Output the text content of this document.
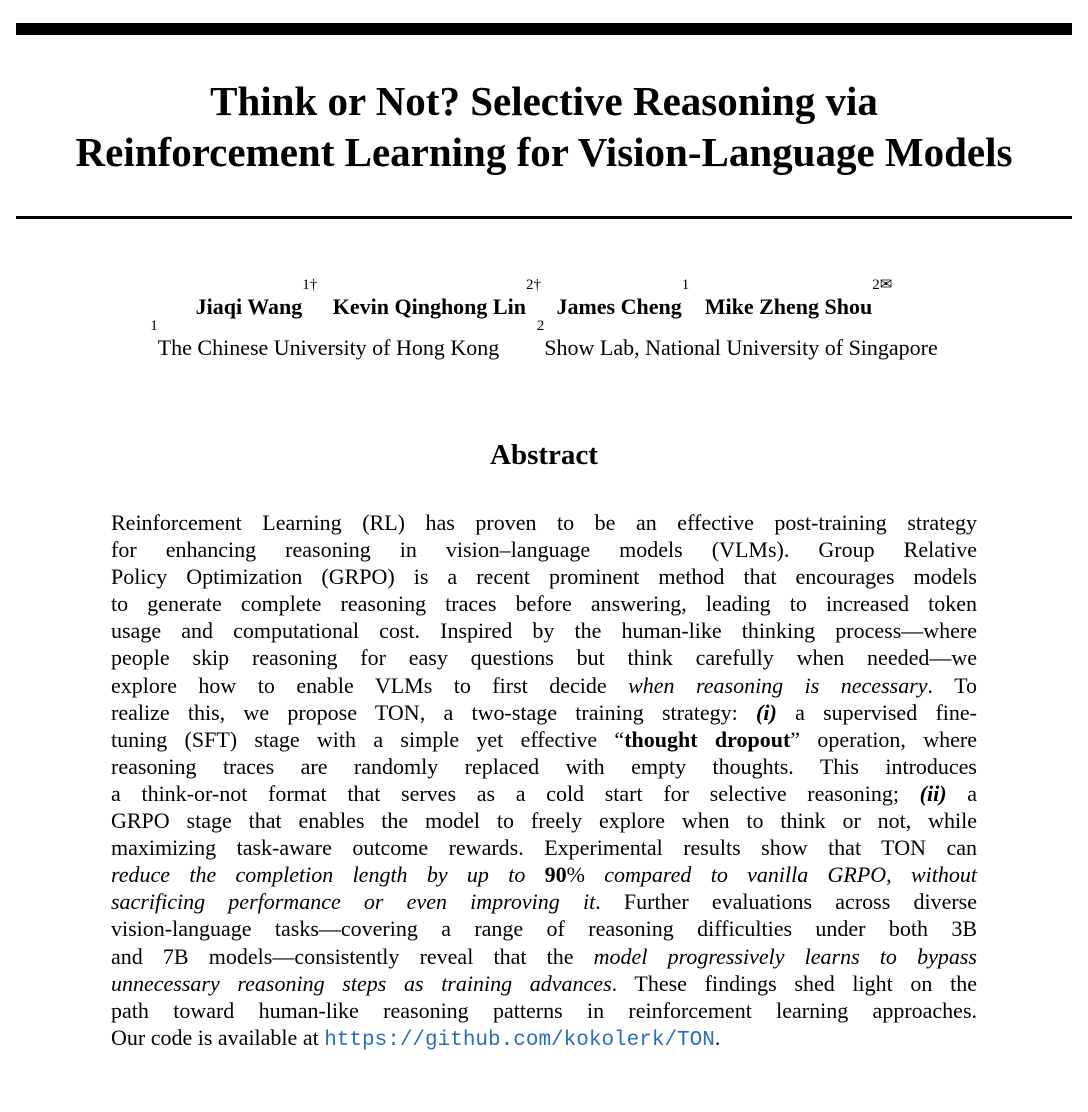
Think or Not? Selective Reasoning via
Reinforcement Learning for Vision-Language Models
Jiaqi Wang$^{1\dagger}$ Kevin Qinghong Lin$^{2\dagger}$ James Cheng$^1$ Mike Zheng Shou$^{2✉}$
$^1$The Chinese University of Hong Kong $^2$Show Lab, National University of Singapore
Abstract
Reinforcement Learning (RL) has proven to be an effective post-training strategy
for enhancing reasoning in vision–language models (VLMs). Group Relative
Policy Optimization (GRPO) is a recent prominent method that encourages models
to generate complete reasoning traces before answering, leading to increased token
usage and computational cost. Inspired by the human-like thinking process—where
people skip reasoning for easy questions but think carefully when needed—we
explore how to enable VLMs to first decide when reasoning is necessary. To
realize this, we propose TON, a two-stage training strategy: (i) a supervised fine-
tuning (SFT) stage with a simple yet effective “thought dropout” operation, where
reasoning traces are randomly replaced with empty thoughts. This introduces
a think-or-not format that serves as a cold start for selective reasoning; (ii) a
GRPO stage that enables the model to freely explore when to think or not, while
maximizing task-aware outcome rewards. Experimental results show that TON can
reduce the completion length by up to 90% compared to vanilla GRPO, without
sacrificing performance or even improving it. Further evaluations across diverse
vision-language tasks—covering a range of reasoning difficulties under both 3B
and 7B models—consistently reveal that the model progressively learns to bypass
unnecessary reasoning steps as training advances. These findings shed light on the
path toward human-like reasoning patterns in reinforcement learning approaches.
Our code is available at https://github.com/kokolerk/TON.
